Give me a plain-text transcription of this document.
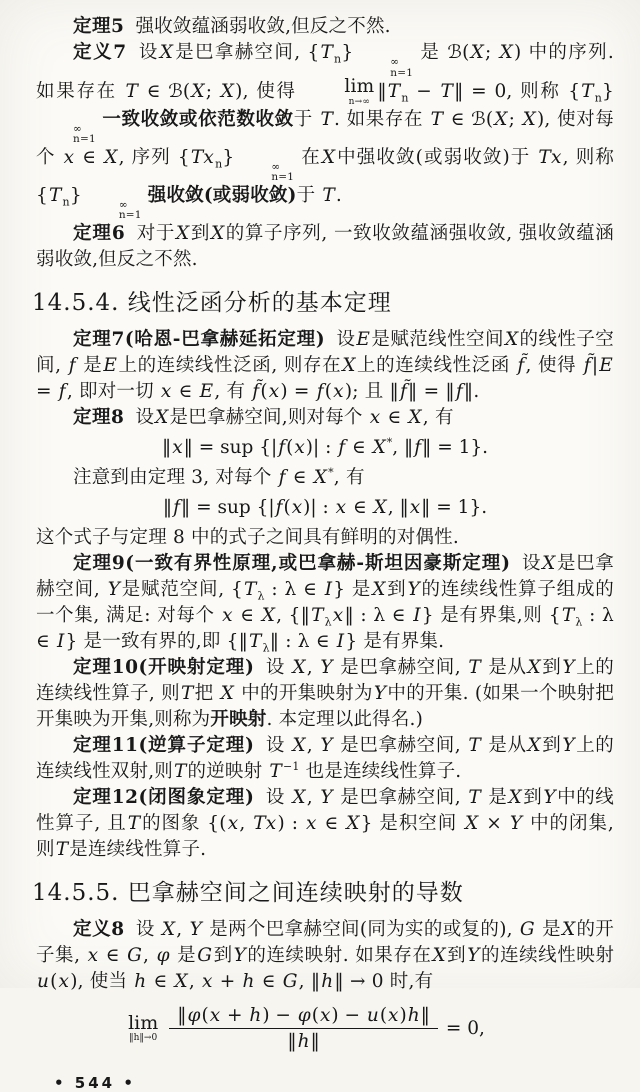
定理5 强收敛蕴涵弱收敛,但反之不然.

定义7 设X是巴拿赫空间, $\{T_n\}$	∞
n=1
是 ℬ(X; X) 中的序列. 如果存在 T ∈ ℬ(X; X), 使得 lim
n→∞ $‖T_n$ − T‖ = 0, 则称 $\{T_n\}$
∞
n=1
一致收敛或依范数收敛于 T. 如果存在 T ∈ ℬ(X; X), 使对每个 x ∈ X, 序列 $\{Tx_n\}$	∞
n=1
在X中强收敛(或弱收敛)于 Tx, 则称 $\{T_n\}$	∞
n=1
强收敛(或弱收敛)于 T.

定理6 对于X到X的算子序列, 一致收敛蕴涵强收敛, 强收敛蕴涵弱收敛,但反之不然.

14.5.4. 线性泛函分析的基本定理

定理7(哈恩-巴拿赫延拓定理) 设E是赋范线性空间X的线性子空间, f 是E上的连续线性泛函, 则存在X上的连续线性泛函 f̃, 使得 f̃|E = f, 即对一切 x ∈ E, 有 f̃(x) = f(x); 且 ‖f̃‖ = ‖f‖.

定理8 设X是巴拿赫空间,则对每个 x ∈ X, 有

‖x‖ = sup {|f(x)| : f ∈ X*, ‖f‖ = 1}.

注意到由定理 3, 对每个 f ∈ X*, 有

‖f‖ = sup {|f(x)| : x ∈ X, ‖x‖ = 1}.

这个式子与定理 8 中的式子之间具有鲜明的对偶性.

定理9(一致有界性原理,或巴拿赫-斯坦因豪斯定理) 设X是巴拿赫空间, Y是赋范空间, {$T_\lambda$ : λ ∈ I} 是X到Y的连续线性算子组成的一个集, 满足: 对每个 x ∈ X, {$‖T_\lambda x‖$ : λ ∈ I} 是有界集,则 {$T_\lambda$ : λ ∈ I} 是一致有界的,即 {$‖T_\lambda‖$ : λ ∈ I} 是有界集.

定理10(开映射定理) 设 X, Y 是巴拿赫空间, T 是从X到Y上的连续线性算子, 则T把 X 中的开集映射为Y中的开集. (如果一个映射把开集映为开集,则称为开映射. 本定理以此得名.)

定理11(逆算子定理) 设 X, Y 是巴拿赫空间, T 是从X到Y上的连续线性双射,则T的逆映射 $T^{-1}$ 也是连续线性算子.

定理12(闭图象定理) 设 X, Y 是巴拿赫空间, T 是X到Y中的线性算子, 且T的图象 {(x, Tx) : x ∈ X} 是积空间 X × Y 中的闭集, 则T是连续线性算子.

14.5.5. 巴拿赫空间之间连续映射的导数

定义8 设 X, Y 是两个巴拿赫空间(同为实的或复的), G 是X的开子集, x ∈ G, φ 是G到Y的连续映射. 如果存在X到Y的连续线性映射 u(x), 使当 h ∈ X, x + h ∈ G, ‖h‖ → 0 时,有

lim
‖h‖→0 $\frac{‖\varphi(x + h) - \varphi(x) - u(x)h‖}{‖h‖} = 0$,
• 544 •
